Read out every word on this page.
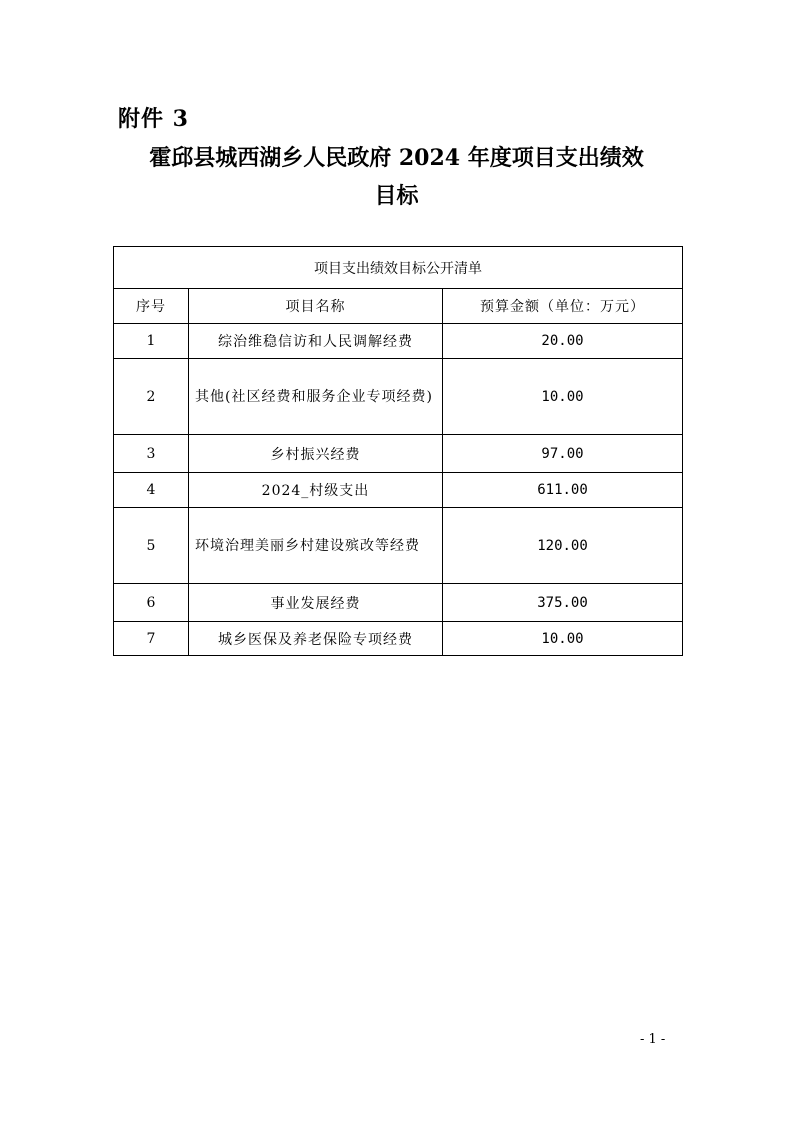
附件 3
霍邱县城西湖乡人民政府 2024 年度项目支出绩效
目标
项目支出绩效目标公开清单		
序号	项目名称	预算金额（单位：万元）
1	综治维稳信访和人民调解经费	20.00
2	其他(社区经费和服务企业专项经费)	10.00
3	乡村振兴经费	97.00
4	2024_村级支出	611.00
5	环境治理美丽乡村建设殡改等经费	120.00
6	事业发展经费	375.00
7	城乡医保及养老保险专项经费	10.00
- 1 -
